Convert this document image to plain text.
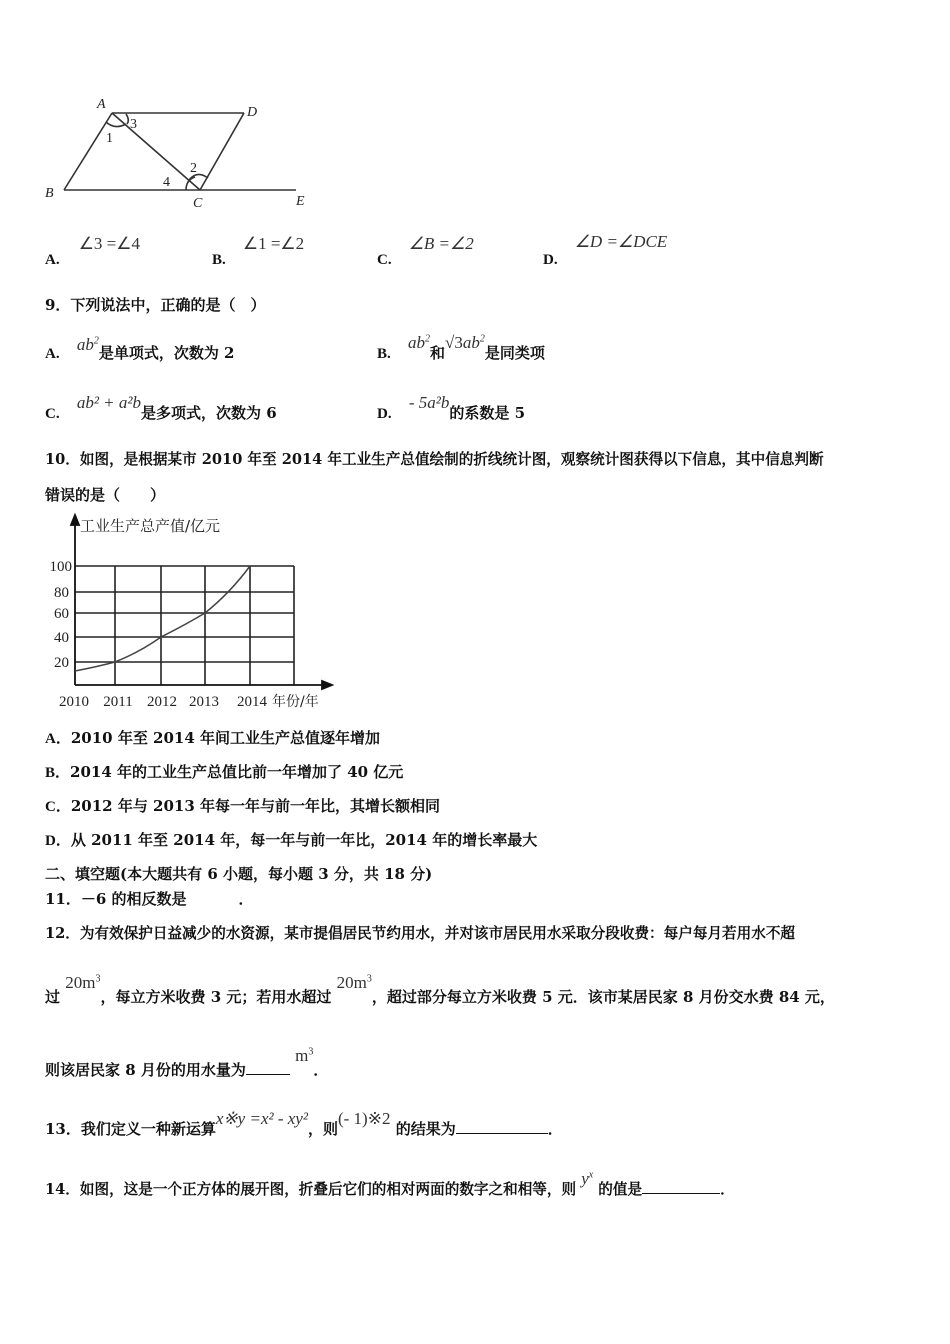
A
D
B
C	E
1
2
3
4
A. ∠3 =∠4
B. ∠1 =∠2
C. ∠B =∠2
D. ∠D =∠DCE
9．下列说法中，正确的是（　）
A. $ab^2$是单项式，次数为 2	B. $ab^2$和$√3ab^2$是同类项
C. ab² + a²b是多项式，次数为 6	D. - 5a²b的系数是 5
10．如图，是根据某市 2010 年至 2014 年工业生产总值绘制的折线统计图，观察统计图获得以下信息，其中信息判断
错误的是（　　）
工业生产总产值/亿元
100
80
60
40
20
2010 2011 2012 2013 2014 年份/年
A．2010 年至 2014 年间工业生产总值逐年增加
B．2014 年的工业生产总值比前一年增加了 40 亿元
C．2012 年与 2013 年每一年与前一年比，其增长额相同
D．从 2011 年至 2014 年，每一年与前一年比，2014 年的增长率最大
二、填空题(本大题共有 6 小题，每小题 3 分，共 18 分)
11．－6 的相反数是	．
12．为有效保护日益减少的水资源，某市提倡居民节约用水，并对该市居民用水采取分段收费：每户每月若用水不超
过 $20m^3$，每立方米收费 3 元；若用水超过 $20m^3$，超过部分每立方米收费 5 元．该市某居民家 8 月份交水费 84 元，
则该居民家 8 月份的用水量为 $m^3$．
13．我们定义一种新运算x※y =x² - xy²，则(- 1)※2 的结果为	．
14．如图，这是一个正方体的展开图，折叠后它们的相对两面的数字之和相等，则 $y^x$ 的值是	．
